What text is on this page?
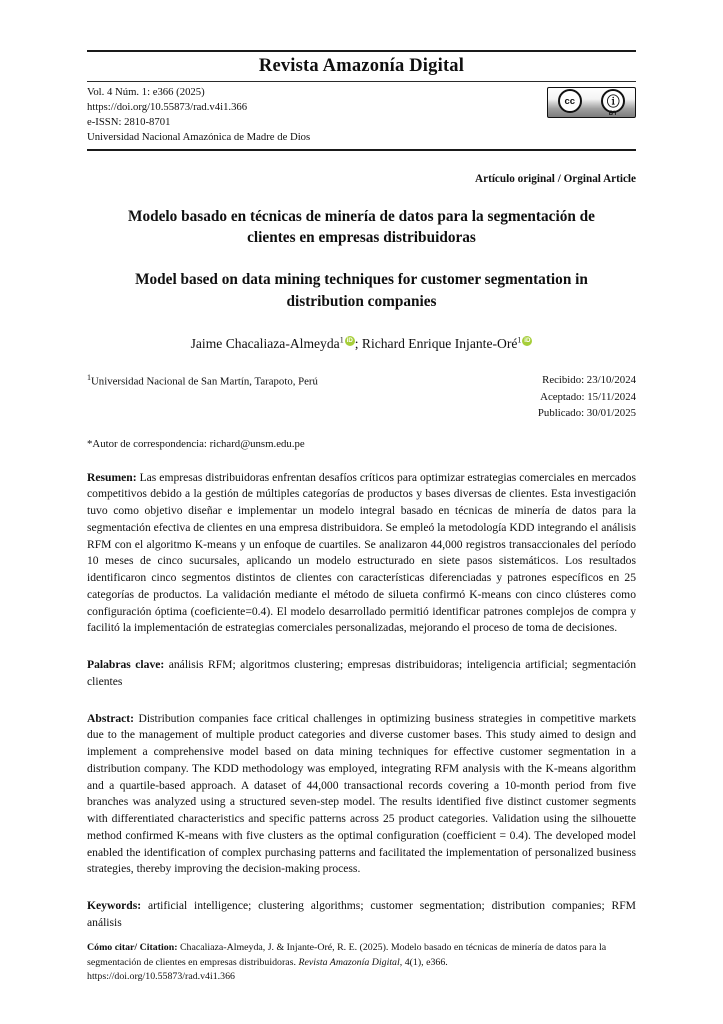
Revista Amazonía Digital
Vol. 4 Núm. 1: e366 (2025)
https://doi.org/10.55873/rad.v4i1.366
e-ISSN: 2810-8701
Universidad Nacional Amazónica de Madre de Dios
cc	ⓘ
BY
Artículo original / Orginal Article
Modelo basado en técnicas de minería de datos para la segmentación de clientes en empresas distribuidoras
Model based on data mining techniques for customer segmentation in distribution companies
Jaime Chacaliaza-Almeyda$^1$ iD ; Richard Enrique Injante-Oré$^1$iD
$^1$Universidad Nacional de San Martín, Tarapoto, Perú	Recibido: 23/10/2024
Aceptado: 15/11/2024
Publicado: 30/01/2025
*Autor de correspondencia: richard@unsm.edu.pe

Resumen: Las empresas distribuidoras enfrentan desafíos críticos para optimizar estrategias comerciales en mercados competitivos debido a la gestión de múltiples categorías de productos y bases diversas de clientes. Esta investigación tuvo como objetivo diseñar e implementar un modelo integral basado en técnicas de minería de datos para la segmentación efectiva de clientes en una empresa distribuidora. Se empleó la metodología KDD integrando el análisis RFM con el algoritmo K-means y un enfoque de cuartiles. Se analizaron 44,000 registros transaccionales del período 10 meses de cinco sucursales, aplicando un modelo estructurado en siete pasos sistemáticos. Los resultados identificaron cinco segmentos distintos de clientes con características diferenciadas y patrones específicos en 25 categorías de productos. La validación mediante el método de silueta confirmó K-means con cinco clústeres como configuración óptima (coeficiente=0.4). El modelo desarrollado permitió identificar patrones complejos de compra y facilitó la implementación de estrategias comerciales personalizadas, mejorando el proceso de toma de decisiones.

Palabras clave: análisis RFM; algoritmos clustering; empresas distribuidoras; inteligencia artificial; segmentación clientes

Abstract: Distribution companies face critical challenges in optimizing business strategies in competitive markets due to the management of multiple product categories and diverse customer bases. This study aimed to design and implement a comprehensive model based on data mining techniques for effective customer segmentation in a distribution company. The KDD methodology was employed, integrating RFM analysis with the K-means algorithm and a quartile-based approach. A dataset of 44,000 transactional records covering a 10-month period from five branches was analyzed using a structured seven-step model. The results identified five distinct customer segments with differentiated characteristics and specific patterns across 25 product categories. Validation using the silhouette method confirmed K-means with five clusters as the optimal configuration (coefficient = 0.4). The developed model enabled the identification of complex purchasing patterns and facilitated the implementation of personalized business strategies, thereby improving the decision-making process.

Keywords: artificial intelligence; clustering algorithms; customer segmentation; distribution companies; RFM análisis

Cómo citar/ Citation: Chacaliaza-Almeyda, J. & Injante-Oré, R. E. (2025). Modelo basado en técnicas de minería de datos para la segmentación de clientes en empresas distribuidoras. Revista Amazonía Digital, 4(1), e366.
https://doi.org/10.55873/rad.v4i1.366
